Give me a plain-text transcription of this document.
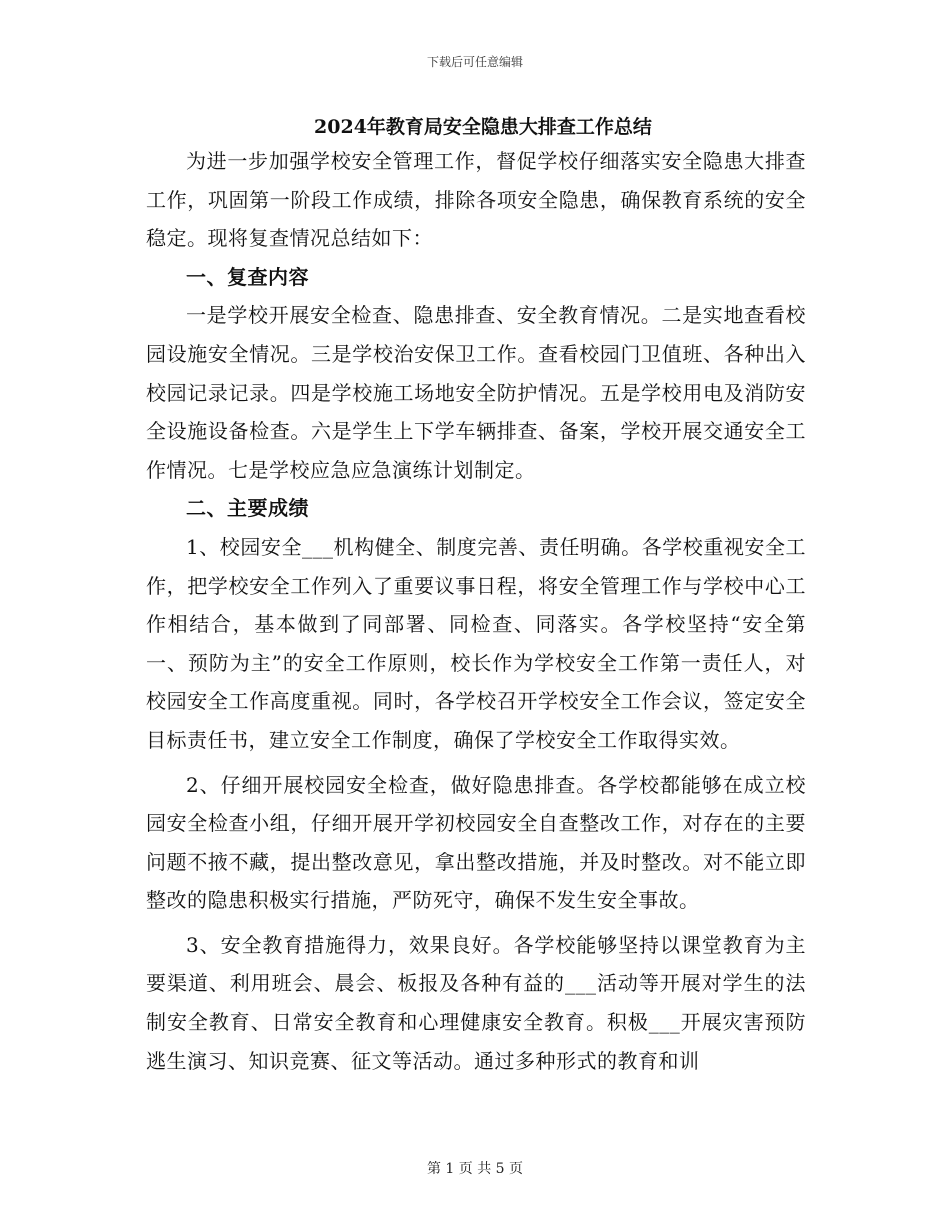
下载后可任意编辑
2024年教育局安全隐患大排查工作总结

为进一步加强学校安全管理工作，督促学校仔细落实安全隐患大排查工作，巩固第一阶段工作成绩，排除各项安全隐患，确保教育系统的安全稳定。现将复查情况总结如下：

一、复查内容

一是学校开展安全检查、隐患排查、安全教育情况。二是实地查看校园设施安全情况。三是学校治安保卫工作。查看校园门卫值班、各种出入校园记录记录。四是学校施工场地安全防护情况。五是学校用电及消防安全设施设备检查。六是学生上下学车辆排查、备案，学校开展交通安全工作情况。七是学校应急应急演练计划制定。

二、主要成绩

1、校园安全___机构健全、制度完善、责任明确。各学校重视安全工作，把学校安全工作列入了重要议事日程，将安全管理工作与学校中心工作相结合，基本做到了同部署、同检查、同落实。各学校坚持“安全第一、预防为主”的安全工作原则，校长作为学校安全工作第一责任人，对校园安全工作高度重视。同时，各学校召开学校安全工作会议，签定安全目标责任书，建立安全工作制度，确保了学校安全工作取得实效。

2、仔细开展校园安全检查，做好隐患排查。各学校都能够在成立校园安全检查小组，仔细开展开学初校园安全自查整改工作，对存在的主要问题不掖不藏，提出整改意见，拿出整改措施，并及时整改。对不能立即整改的隐患积极实行措施，严防死守，确保不发生安全事故。

3、安全教育措施得力，效果良好。各学校能够坚持以课堂教育为主要渠道、利用班会、晨会、板报及各种有益的___活动等开展对学生的法制安全教育、日常安全教育和心理健康安全教育。积极___开展灾害预防逃生演习、知识竞赛、征文等活动。通过多种形式的教育和训

第 1 页 共 5 页
